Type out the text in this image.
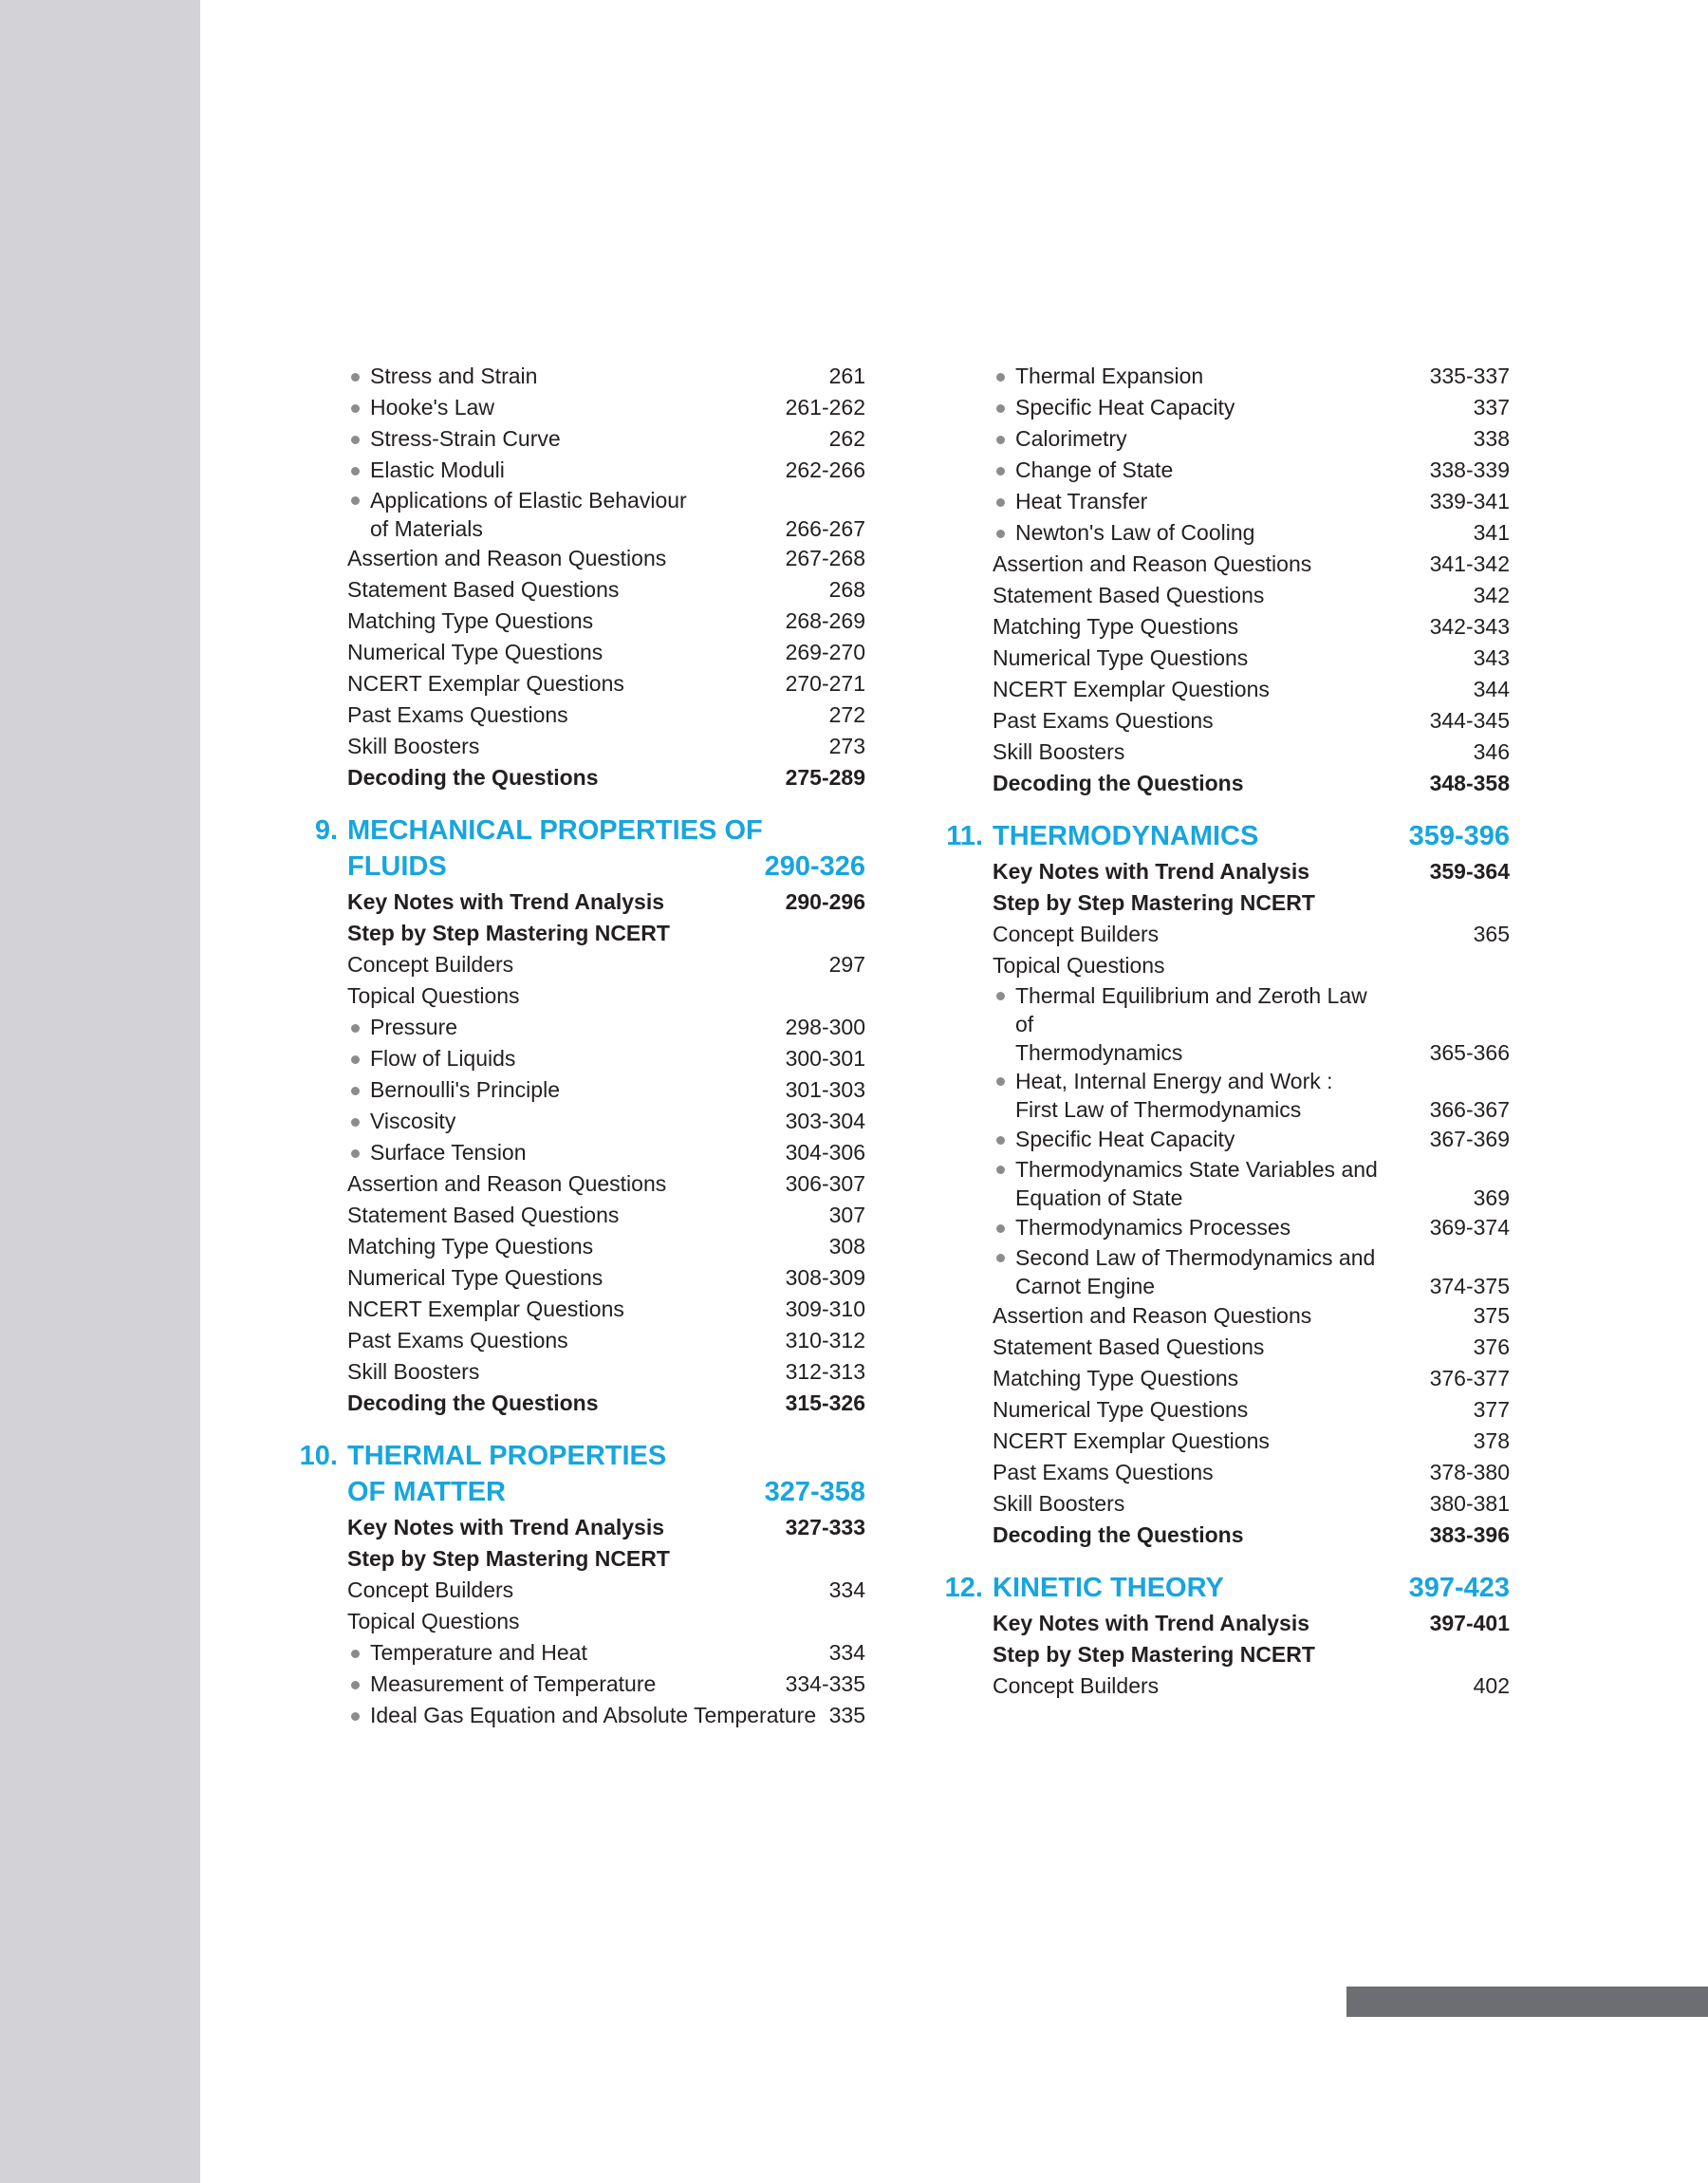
Stress and Strain	261
Hooke's Law	261-262
Stress-Strain Curve	262
Elastic Moduli	262-266
Applications of Elastic Behaviour
of Materials	266-267
Assertion and Reason Questions	267-268
Statement Based Questions	268
Matching Type Questions	268-269
Numerical Type Questions	269-270
NCERT Exemplar Questions	270-271
Past Exams Questions	272
Skill Boosters	273
Decoding the Questions	275-289
9. MECHANICAL PROPERTIES OF
FLUIDS	290-326
Key Notes with Trend Analysis	290-296
Step by Step Mastering NCERT
Concept Builders	297
Topical Questions
Pressure	298-300
Flow of Liquids	300-301
Bernoulli's Principle	301-303
Viscosity	303-304
Surface Tension	304-306
Assertion and Reason Questions	306-307
Statement Based Questions	307
Matching Type Questions	308
Numerical Type Questions	308-309
NCERT Exemplar Questions	309-310
Past Exams Questions	310-312
Skill Boosters	312-313
Decoding the Questions	315-326
10. THERMAL PROPERTIES
OF MATTER	327-358
Key Notes with Trend Analysis	327-333
Step by Step Mastering NCERT
Concept Builders	334
Topical Questions
Temperature and Heat	334
Measurement of Temperature	334-335
Ideal Gas Equation and Absolute Temperature 335
Thermal Expansion	335-337
Specific Heat Capacity	337
Calorimetry	338
Change of State	338-339
Heat Transfer	339-341
Newton's Law of Cooling	341
Assertion and Reason Questions	341-342
Statement Based Questions	342
Matching Type Questions	342-343
Numerical Type Questions	343
NCERT Exemplar Questions	344
Past Exams Questions	344-345
Skill Boosters	346
Decoding the Questions	348-358
11. THERMODYNAMICS	359-396
Key Notes with Trend Analysis	359-364
Step by Step Mastering NCERT
Concept Builders	365
Topical Questions
Thermal Equilibrium and Zeroth Law of
Thermodynamics	365-366
Heat, Internal Energy and Work :
First Law of Thermodynamics	366-367
Specific Heat Capacity	367-369
Thermodynamics State Variables and
Equation of State	369
Thermodynamics Processes	369-374
Second Law of Thermodynamics and
Carnot Engine	374-375
Assertion and Reason Questions	375
Statement Based Questions	376
Matching Type Questions	376-377
Numerical Type Questions	377
NCERT Exemplar Questions	378
Past Exams Questions	378-380
Skill Boosters	380-381
Decoding the Questions	383-396
12. KINETIC THEORY	397-423
Key Notes with Trend Analysis	397-401
Step by Step Mastering NCERT
Concept Builders	402
